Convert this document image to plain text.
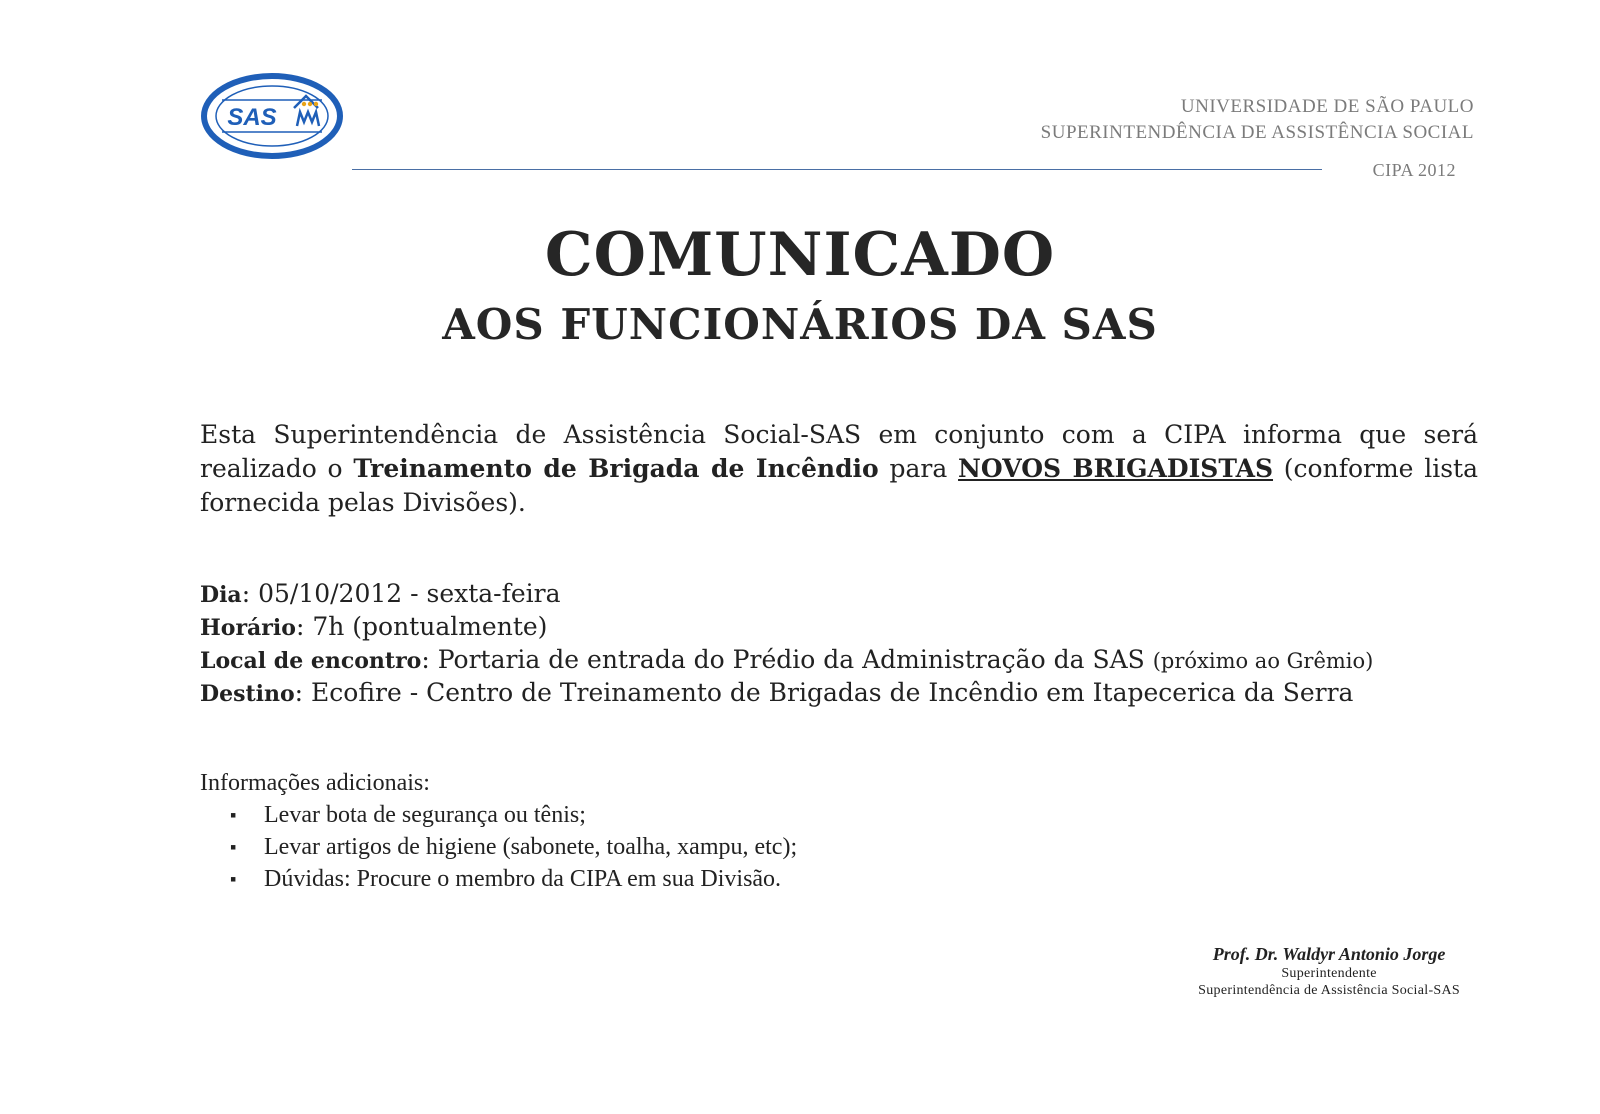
SAS	UNIVERSIDADE DE SÃO PAULO
SUPERINTENDÊNCIA DE ASSISTÊNCIA SOCIAL
CIPA 2012
COMUNICADO
AOS FUNCIONÁRIOS DA SAS
Esta Superintendência de Assistência Social-SAS em conjunto com a CIPA informa que será realizado o Treinamento de Brigada de Incêndio para NOVOS BRIGADISTAS (conforme lista fornecida pelas Divisões).
Dia: 05/10/2012 - sexta-feira
Horário: 7h (pontualmente)
Local de encontro: Portaria de entrada do Prédio da Administração da SAS (próximo ao Grêmio)
Destino: Ecofire - Centro de Treinamento de Brigadas de Incêndio em Itapecerica da Serra
Informações adicionais:
▪ Levar bota de segurança ou tênis;
▪ Levar artigos de higiene (sabonete, toalha, xampu, etc);
▪ Dúvidas: Procure o membro da CIPA em sua Divisão.
Prof. Dr. Waldyr Antonio Jorge
Superintendente
Superintendência de Assistência Social-SAS
